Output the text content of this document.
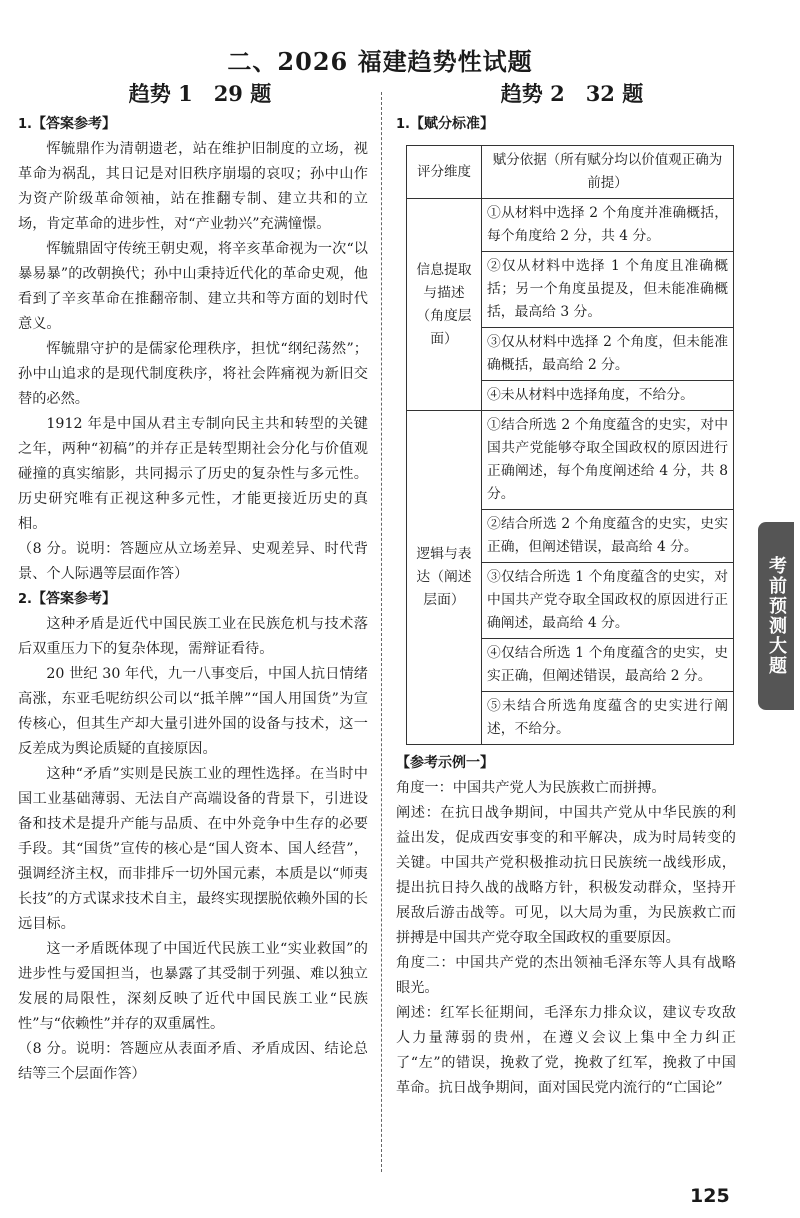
二、2026 福建趋势性试题
趋势 1　29 题	趋势 2　32 题

1.【答案参考】

恽毓鼎作为清朝遗老，站在维护旧制度的立场，视革命为祸乱，其日记是对旧秩序崩塌的哀叹；孙中山作为资产阶级革命领袖，站在推翻专制、建立共和的立场，肯定革命的进步性，对“产业勃兴”充满憧憬。

恽毓鼎固守传统王朝史观，将辛亥革命视为一次“以暴易暴”的改朝换代；孙中山秉持近代化的革命史观，他看到了辛亥革命在推翻帝制、建立共和等方面的划时代意义。

恽毓鼎守护的是儒家伦理秩序，担忧“纲纪荡然”；孙中山追求的是现代制度秩序，将社会阵痛视为新旧交替的必然。

1912 年是中国从君主专制向民主共和转型的关键之年，两种“初稿”的并存正是转型期社会分化与价值观碰撞的真实缩影，共同揭示了历史的复杂性与多元性。历史研究唯有正视这种多元性，才能更接近历史的真相。

（8 分。说明：答题应从立场差异、史观差异、时代背景、个人际遇等层面作答）

2.【答案参考】

这种矛盾是近代中国民族工业在民族危机与技术落后双重压力下的复杂体现，需辩证看待。

20 世纪 30 年代，九一八事变后，中国人抗日情绪高涨，东亚毛呢纺织公司以“抵羊牌”“国人用国货”为宣传核心，但其生产却大量引进外国的设备与技术，这一反差成为舆论质疑的直接原因。

这种“矛盾”实则是民族工业的理性选择。在当时中国工业基础薄弱、无法自产高端设备的背景下，引进设备和技术是提升产能与品质、在中外竞争中生存的必要手段。其“国货”宣传的核心是“国人资本、国人经营”，强调经济主权，而非排斥一切外国元素，本质是以“师夷长技”的方式谋求技术自主，最终实现摆脱依赖外国的长远目标。

这一矛盾既体现了中国近代民族工业“实业救国”的进步性与爱国担当，也暴露了其受制于列强、难以独立发展的局限性，深刻反映了近代中国民族工业“民族性”与“依赖性”并存的双重属性。

（8 分。说明：答题应从表面矛盾、矛盾成因、结论总结等三个层面作答）

1.【赋分标准】

评分维度	赋分依据（所有赋分均以价值观正确为前提）
信息提取与描述（角度层面）	①从材料中选择 2 个角度并准确概括，每个角度给 2 分，共 4 分。
	②仅从材料中选择 1 个角度且准确概括；另一个角度虽提及，但未能准确概括，最高给 3 分。
	③仅从材料中选择 2 个角度，但未能准确概括，最高给 2 分。
	④未从材料中选择角度，不给分。
逻辑与表达（阐述层面）	①结合所选 2 个角度蕴含的史实，对中国共产党能够夺取全国政权的原因进行正确阐述，每个角度阐述给 4 分，共 8 分。
	②结合所选 2 个角度蕴含的史实，史实正确，但阐述错误，最高给 4 分。
	③仅结合所选 1 个角度蕴含的史实，对中国共产党夺取全国政权的原因进行正确阐述，最高给 4 分。
	④仅结合所选 1 个角度蕴含的史实，史实正确，但阐述错误，最高给 2 分。
	⑤未结合所选角度蕴含的史实进行阐述，不给分。

【参考示例一】

角度一：中国共产党人为民族救亡而拼搏。

阐述：在抗日战争期间，中国共产党从中华民族的利益出发，促成西安事变的和平解决，成为时局转变的关键。中国共产党积极推动抗日民族统一战线形成，提出抗日持久战的战略方针，积极发动群众，坚持开展敌后游击战等。可见，以大局为重，为民族救亡而拼搏是中国共产党夺取全国政权的重要原因。

角度二：中国共产党的杰出领袖毛泽东等人具有战略眼光。

阐述：红军长征期间，毛泽东力排众议，建议专攻敌人力量薄弱的贵州，在遵义会议上集中全力纠正了“左”的错误，挽救了党，挽救了红军，挽救了中国革命。抗日战争期间，面对国民党内流行的“亡国论”

考前预测大题
125
